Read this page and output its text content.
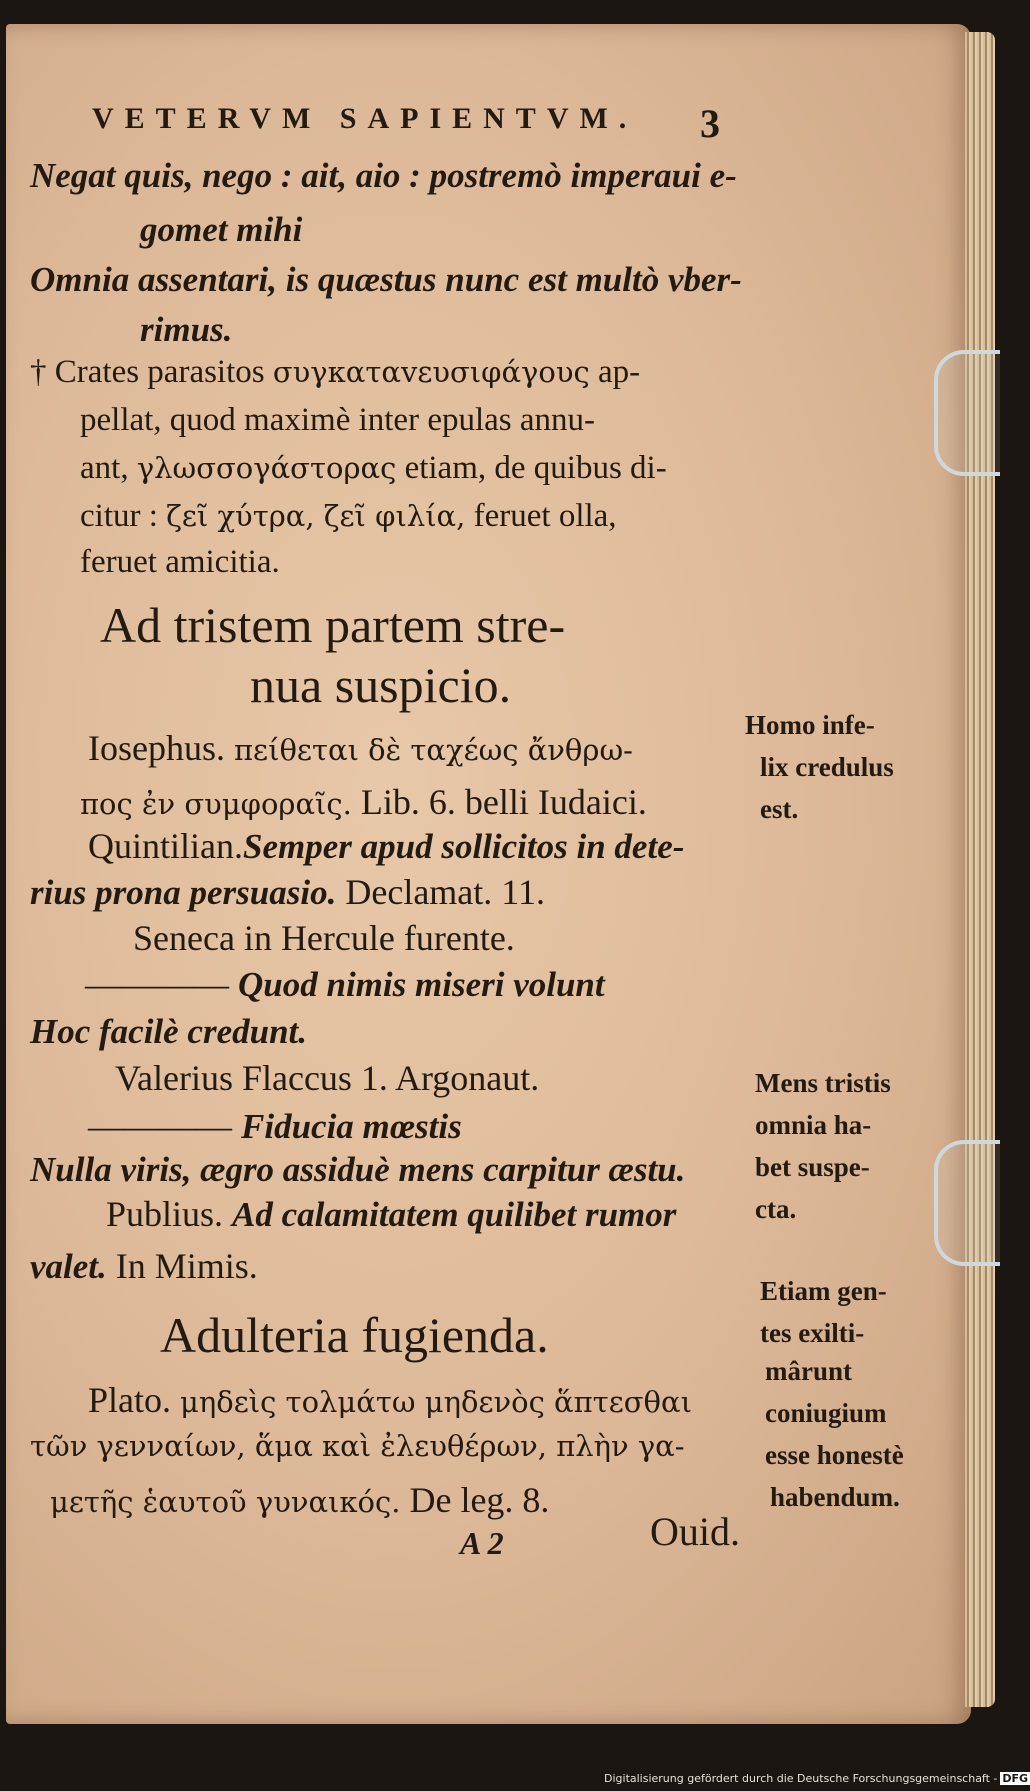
VETERVM SAPIENTVM. 3
Negat quis, nego : ait, aio : postremò imperaui e-
gomet mihi
Omnia assentari, is quæstus nunc est multò vber-
rimus.
† Crates parasitos συγκαταvευσιφάγους ap-
pellat, quod maximè inter epulas annu-
ant, γλωσσογάστορας etiam, de quibus di-
citur : ζεῖ χύτρα, ζεῖ φιλία, feruet olla,
feruet amicitia.
Ad tristem partem stre-
nua suspicio.
Iosephus. πείθεται δὲ ταχέως ἄνθρω-
πος ἐν συμφοραῖς. Lib. 6. belli Iudaici.
Quintilian.Semper apud sollicitos in dete-
rius prona persuasio. Declamat. 11.
Seneca in Hercule furente.
———— Quod nimis miseri volunt
Hoc facilè credunt.
Valerius Flaccus 1. Argonaut.
———— Fiducia mœstis
Nulla viris, ægro assiduè mens carpitur æstu.
Publius. Ad calamitatem quilibet rumor
valet. In Mimis.
Adulteria fugienda.
Plato. μηδεὶς τολμάτω μηδενὸς ἅπτεσθαι
τῶν γενναίων, ἅμα καὶ ἐλευθέρων, πλὴν γα-
μετῆς ἑαυτοῦ γυναικός. De leg. 8.
Homo infe-
lix credulus
est.
Mens tristis
omnia ha-
bet suspe-
cta.
Etiam gen-
tes exilti-
mârunt
coniugium
esse honestè
habendum.
A 2	Ouid.
Digitalisierung gefördert durch die Deutsche Forschungsgemeinschaft - DFG
